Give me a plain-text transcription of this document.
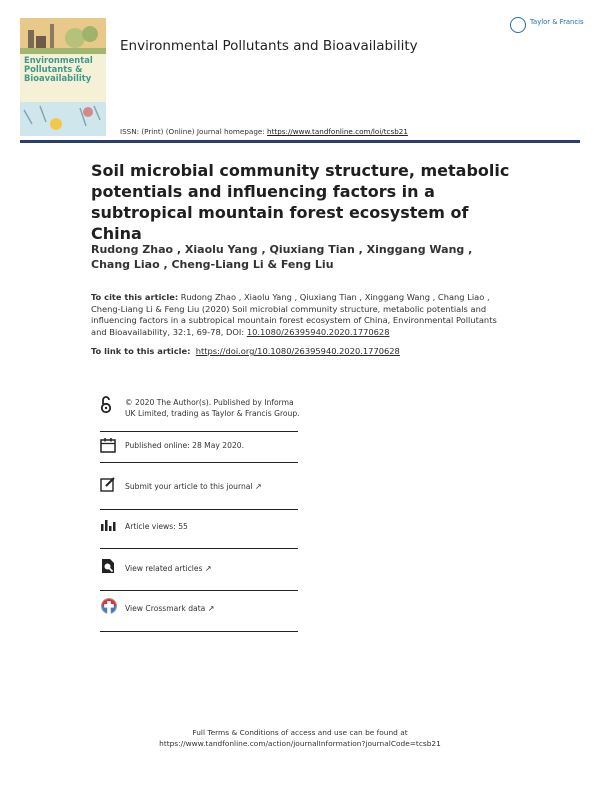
Environmental Pollutants & Bioavailability
Environmental Pollutants and Bioavailability
Taylor & Francis
ISSN: (Print) (Online) Journal homepage: https://www.tandfonline.com/loi/tcsb21
Soil microbial community structure, metabolic potentials and influencing factors in a subtropical mountain forest ecosystem of China
Rudong Zhao , Xiaolu Yang , Qiuxiang Tian , Xinggang Wang , Chang Liao , Cheng-Liang Li & Feng Liu
To cite this article: Rudong Zhao , Xiaolu Yang , Qiuxiang Tian , Xinggang Wang , Chang Liao , Cheng-Liang Li & Feng Liu (2020) Soil microbial community structure, metabolic potentials and influencing factors in a subtropical mountain forest ecosystem of China, Environmental Pollutants and Bioavailability, 32:1, 69-78, DOI: 10.1080/26395940.2020.1770628
To link to this article: https://doi.org/10.1080/26395940.2020.1770628
© 2020 The Author(s). Published by Informa UK Limited, trading as Taylor & Francis Group.
Published online: 28 May 2020.
Submit your article to this journal ↗
Article views: 55
View related articles ↗
View Crossmark data ↗
Full Terms & Conditions of access and use can be found at
https://www.tandfonline.com/action/journalInformation?journalCode=tcsb21
